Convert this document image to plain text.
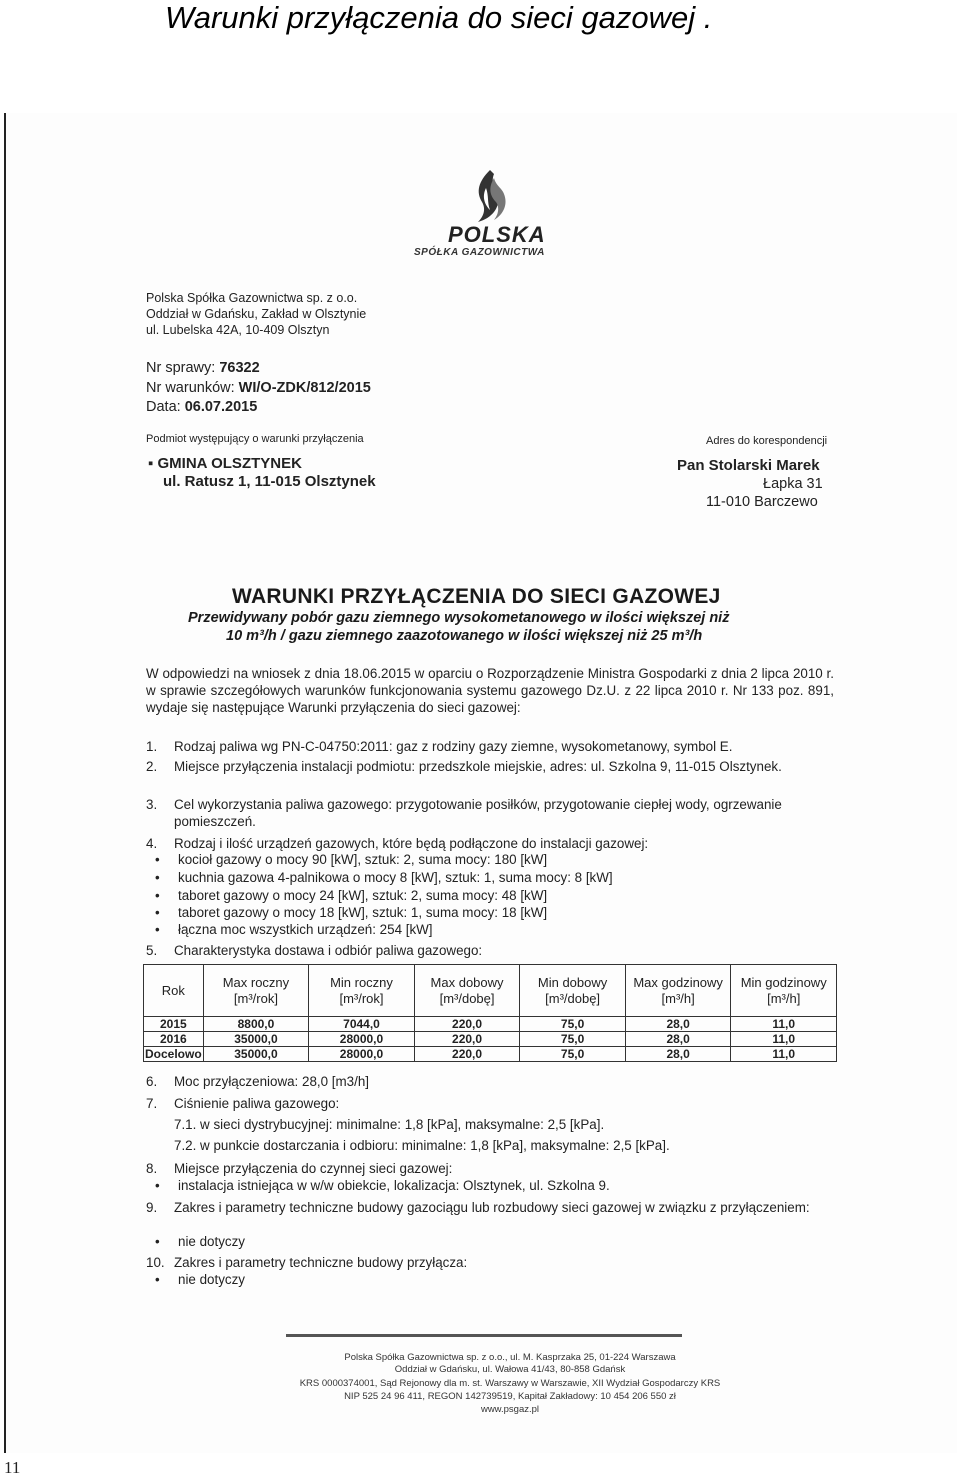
Warunki przyłączenia do sieci gazowej .
POLSKA
SPÓŁKA GAZOWNICTWA
Polska Spółka Gazownictwa sp. z o.o.
Oddział w Gdańsku, Zakład w Olsztynie
ul. Lubelska 42A, 10-409 Olsztyn
Nr sprawy: 76322
Nr warunków: WI/O-ZDK/812/2015
Data: 06.07.2015
Podmiot występujący o warunki przyłączenia
▪ GMINA OLSZTYNEK
ul. Ratusz 1, 11-015 Olsztynek
Adres do korespondencji
Pan Stolarski Marek
Łapka 31
11-010 Barczewo
WARUNKI PRZYŁĄCZENIA DO SIECI GAZOWEJ
Przewidywany pobór gazu ziemnego wysokometanowego w ilości większej niż
10 m³/h / gazu ziemnego zaazotowanego w ilości większej niż 25 m³/h
W odpowiedzi na wniosek z dnia 18.06.2015 w oparciu o Rozporządzenie Ministra Gospodarki z dnia 2 lipca 2010 r. w sprawie szczegółowych warunków funkcjonowania systemu gazowego Dz.U. z 22 lipca 2010 r. Nr 133 poz. 891, wydaje się następujące Warunki przyłączenia do sieci gazowej:
1. Rodzaj paliwa wg PN-C-04750:2011: gaz z rodziny gazy ziemne, wysokometanowy, symbol E.
2. Miejsce przyłączenia instalacji podmiotu: przedszkole miejskie, adres: ul. Szkolna 9, 11-015 Olsztynek.
3. Cel wykorzystania paliwa gazowego: przygotowanie posiłków, przygotowanie ciepłej wody, ogrzewanie pomieszczeń.
4. Rodzaj i ilość urządzeń gazowych, które będą podłączone do instalacji gazowej:
• kocioł gazowy o mocy 90 [kW], sztuk: 2, suma mocy: 180 [kW]
• kuchnia gazowa 4-palnikowa o mocy 8 [kW], sztuk: 1, suma mocy: 8 [kW]
• taboret gazowy o mocy 24 [kW], sztuk: 2, suma mocy: 48 [kW]
• taboret gazowy o mocy 18 [kW], sztuk: 1, suma mocy: 18 [kW]
• łączna moc wszystkich urządzeń: 254 [kW]
5. Charakterystyka dostawa i odbiór paliwa gazowego:
Rok	Max roczny [m³/rok]	Min roczny [m³/rok]	Max dobowy [m³/dobę]	Min dobowy [m³/dobę]	Max godzinowy [m³/h]	Min godzinowy [m³/h]
2015	8800,0	7044,0	220,0	75,0	28,0	11,0
2016	35000,0	28000,0	220,0	75,0	28,0	11,0
Docelowo	35000,0	28000,0	220,0	75,0	28,0	11,0
6. Moc przyłączeniowa: 28,0 [m3/h]
7. Ciśnienie paliwa gazowego:
7.1. w sieci dystrybucyjnej: minimalne: 1,8 [kPa], maksymalne: 2,5 [kPa].
7.2. w punkcie dostarczania i odbioru: minimalne: 1,8 [kPa], maksymalne: 2,5 [kPa].
8. Miejsce przyłączenia do czynnej sieci gazowej:
• instalacja istniejąca w w/w obiekcie, lokalizacja: Olsztynek, ul. Szkolna 9.
9. Zakres i parametry techniczne budowy gazociągu lub rozbudowy sieci gazowej w związku z przyłączeniem:
• nie dotyczy
10. Zakres i parametry techniczne budowy przyłącza:
• nie dotyczy
Polska Spółka Gazownictwa sp. z o.o., ul. M. Kasprzaka 25, 01-224 Warszawa
Oddział w Gdańsku, ul. Wałowa 41/43, 80-858 Gdańsk
KRS 0000374001, Sąd Rejonowy dla m. st. Warszawy w Warszawie, XII Wydział Gospodarczy KRS
NIP 525 24 96 411, REGON 142739519, Kapitał Zakładowy: 10 454 206 550 zł
www.psgaz.pl
11
